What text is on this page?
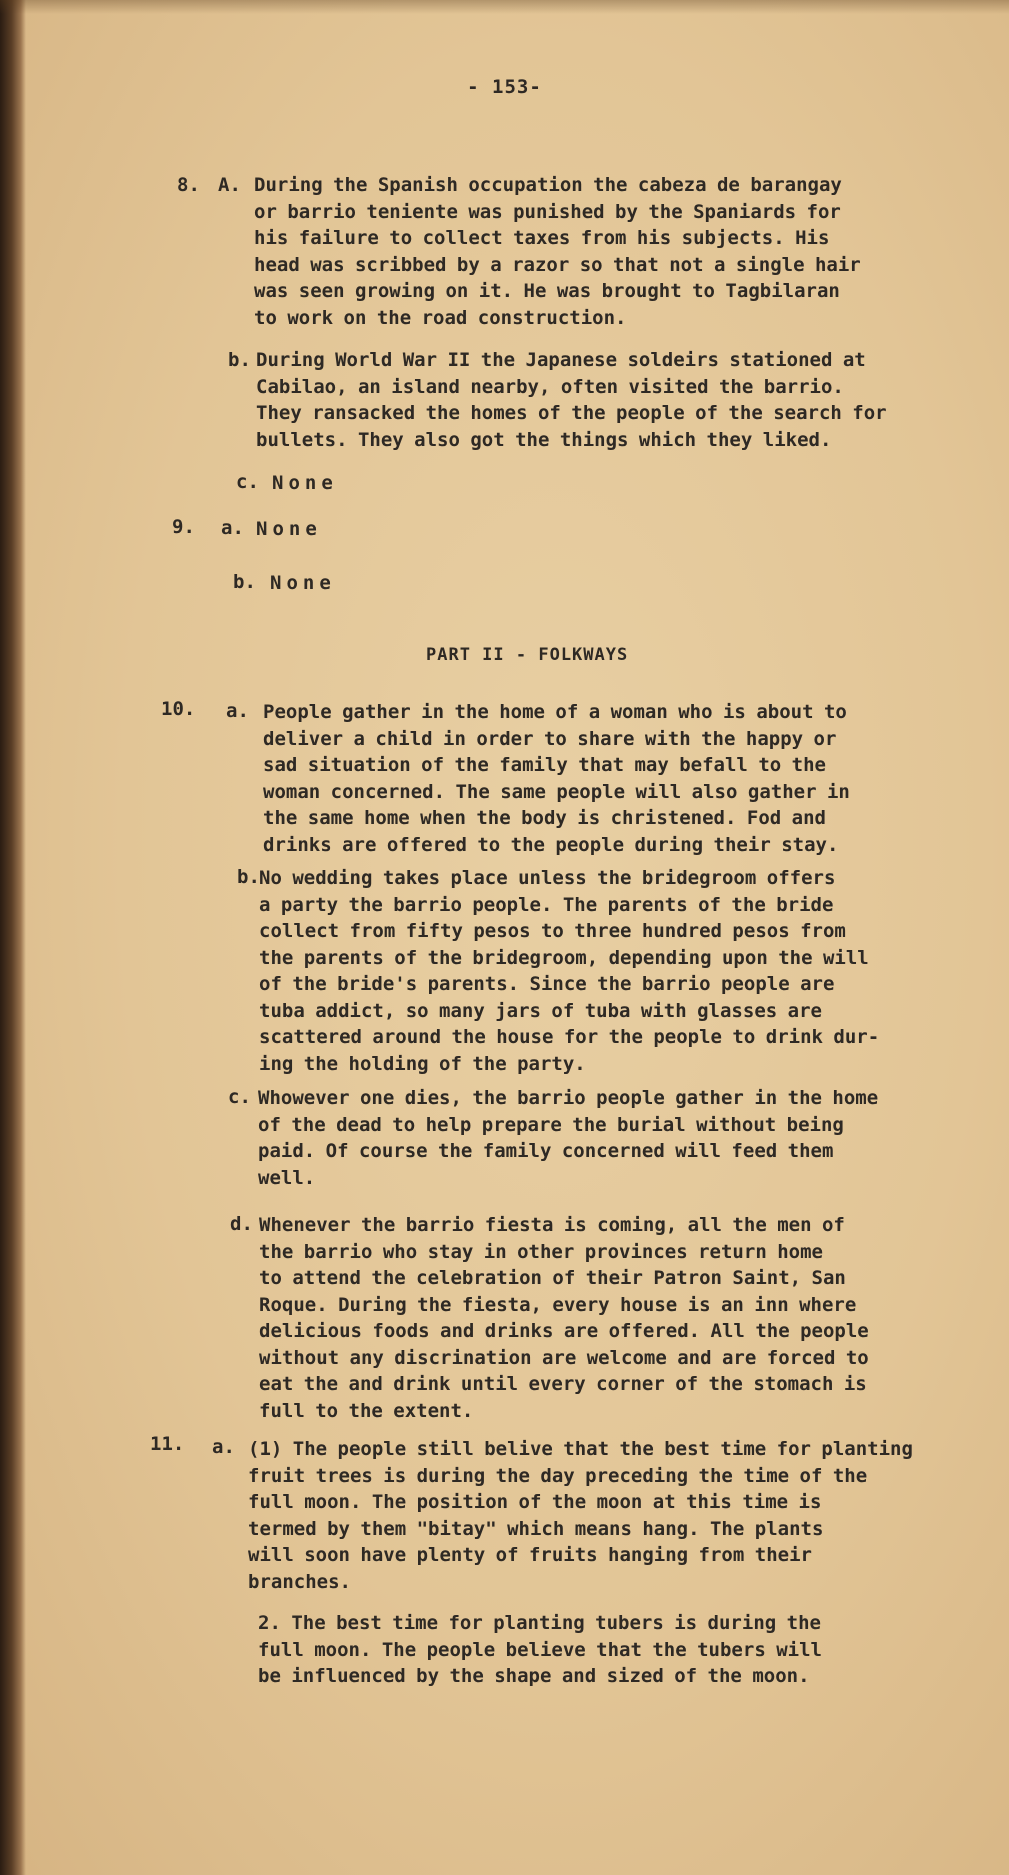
- 153-
8. A. During the Spanish occupation the cabeza de barangay
or barrio teniente was punished by the Spaniards for
his failure to collect taxes from his subjects. His
head was scribbed by a razor so that not a single hair
was seen growing on it. He was brought to Tagbilaran
to work on the road construction.
b. During World War II the Japanese soldeirs stationed at
Cabilao, an island nearby, often visited the barrio.
They ransacked the homes of the people of the search for
bullets. They also got the things which they liked.
c. None
9. a. None
b. None
PART II - FOLKWAYS
10. a. People gather in the home of a woman who is about to
deliver a child in order to share with the happy or
sad situation of the family that may befall to the
woman concerned. The same people will also gather in
the same home when the body is christened. Fod and
drinks are offered to the people during their stay.
b. No wedding takes place unless the bridegroom offers
a party the barrio people. The parents of the bride
collect from fifty pesos to three hundred pesos from
the parents of the bridegroom, depending upon the will
of the bride's parents. Since the barrio people are
tuba addict, so many jars of tuba with glasses are
scattered around the house for the people to drink dur-
ing the holding of the party.
c. Whowever one dies, the barrio people gather in the home
of the dead to help prepare the burial without being
paid. Of course the family concerned will feed them
well.
d. Whenever the barrio fiesta is coming, all the men of
the barrio who stay in other provinces return home
to attend the celebration of their Patron Saint, San
Roque. During the fiesta, every house is an inn where
delicious foods and drinks are offered. All the people
without any discrination are welcome and are forced to
eat the and drink until every corner of the stomach is
full to the extent.
11. a. (1) The people still belive that the best time for planting
fruit trees is during the day preceding the time of the
full moon. The position of the moon at this time is
termed by them "bitay" which means hang. The plants
will soon have plenty of fruits hanging from their
branches.
2. The best time for planting tubers is during the
full moon. The people believe that the tubers will
be influenced by the shape and sized of the moon.
